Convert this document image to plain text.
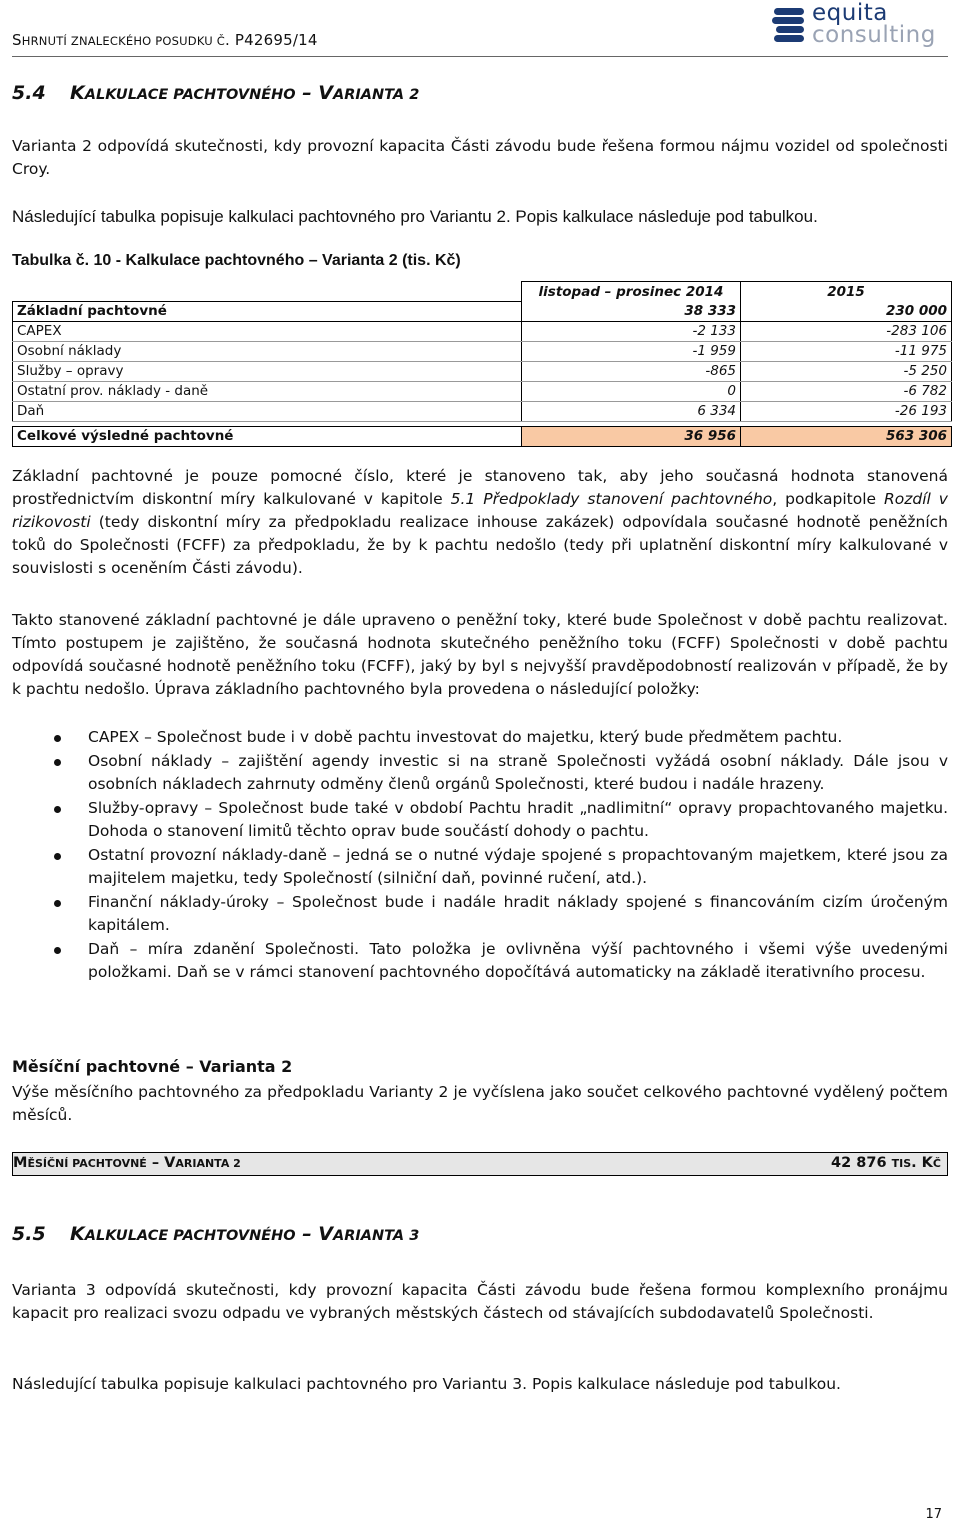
SHRNUTÍ ZNALECKÉHO POSUDKU Č. P42695/14
equita
consulting
5.4 KALKULACE PACHTOVNÉHO – VARIANTA 2
Varianta 2 odpovídá skutečnosti, kdy provozní kapacita Části závodu bude řešena formou nájmu vozidel od společnosti Croy.
Následující tabulka popisuje kalkulaci pachtovného pro Variantu 2. Popis kalkulace následuje pod tabulkou.
Tabulka č. 10 - Kalkulace pachtovného – Varianta 2 (tis. Kč)
	listopad – prosinec 2014	2015
Základní pachtovné	38 333	230 000
CAPEX	-2 133	-283 106
Osobní náklady	-1 959	-11 975
Služby – opravy	-865	-5 250
Ostatní prov. náklady - daně	0	-6 782
Daň	6 334	-26 193

Celkové výsledné pachtovné	36 956	563 306
Základní pachtovné je pouze pomocné číslo, které je stanoveno tak, aby jeho současná hodnota stanovená prostřednictvím diskontní míry kalkulované v kapitole 5.1 Předpoklady stanovení pachtovného, podkapitole Rozdíl v rizikovosti (tedy diskontní míry za předpokladu realizace inhouse zakázek) odpovídala současné hodnotě peněžních toků do Společnosti (FCFF) za předpokladu, že by k pachtu nedošlo (tedy při uplatnění diskontní míry kalkulované v souvislosti s oceněním Části závodu).
Takto stanovené základní pachtovné je dále upraveno o peněžní toky, které bude Společnost v době pachtu realizovat. Tímto postupem je zajištěno, že současná hodnota skutečného peněžního toku (FCFF) Společnosti v době pachtu odpovídá současné hodnotě peněžního toku (FCFF), jaký by byl s nejvyšší pravděpodobností realizován v případě, že by k pachtu nedošlo. Úprava základního pachtovného byla provedena o následující položky:
CAPEX – Společnost bude i v době pachtu investovat do majetku, který bude předmětem pachtu.
Osobní náklady – zajištění agendy investic si na straně Společnosti vyžádá osobní náklady. Dále jsou v osobních nákladech zahrnuty odměny členů orgánů Společnosti, které budou i nadále hrazeny.
Služby-opravy – Společnost bude také v období Pachtu hradit „nadlimitní“ opravy propachtovaného majetku. Dohoda o stanovení limitů těchto oprav bude součástí dohody o pachtu.
Ostatní provozní náklady-daně – jedná se o nutné výdaje spojené s propachtovaným majetkem, které jsou za majitelem majetku, tedy Společností (silniční daň, povinné ručení, atd.).
Finanční náklady-úroky – Společnost bude i nadále hradit náklady spojené s financováním cizím úročeným kapitálem.
Daň – míra zdanění Společnosti. Tato položka je ovlivněna výší pachtovného i všemi výše uvedenými položkami. Daň se v rámci stanovení pachtovného dopočítává automaticky na základě iterativního procesu.
Měsíční pachtovné – Varianta 2
Výše měsíčního pachtovného za předpokladu Varianty 2 je vyčíslena jako součet celkového pachtovné vydělený počtem měsíců.
MĚSÍČNÍ PACHTOVNÉ – VARIANTA 2	42 876 TIS. KČ
5.5 KALKULACE PACHTOVNÉHO – VARIANTA 3
Varianta 3 odpovídá skutečnosti, kdy provozní kapacita Části závodu bude řešena formou komplexního pronájmu kapacit pro realizaci svozu odpadu ve vybraných městských částech od stávajících subdodavatelů Společnosti.
Následující tabulka popisuje kalkulaci pachtovného pro Variantu 3. Popis kalkulace následuje pod tabulkou.
17
